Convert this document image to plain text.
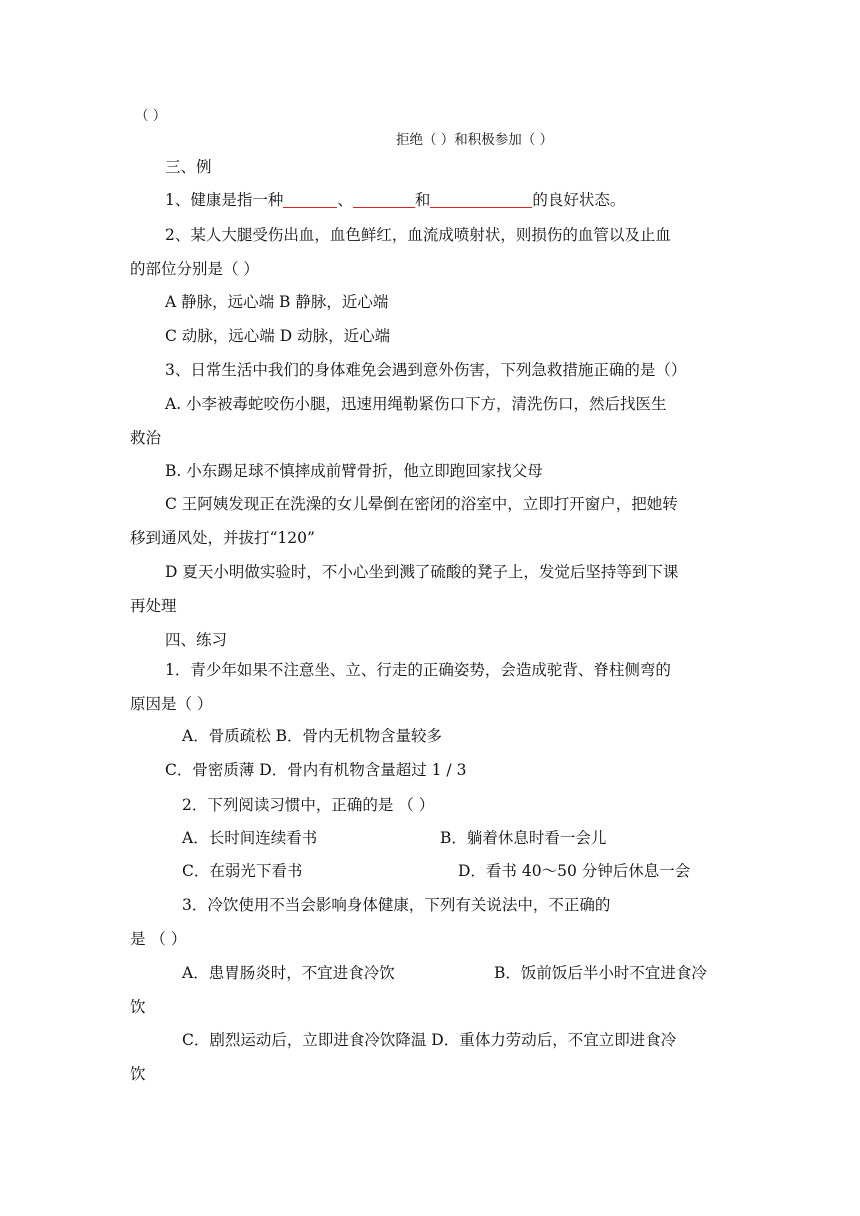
（ ）
拒绝（ ）和积极参加（ ）
三、例
1、健康是指一种	、	和	的良好状态。
2、某人大腿受伤出血，血色鲜红，血流成喷射状，则损伤的血管以及止血
的部位分别是（ ）
A 静脉，远心端 B 静脉，近心端
C 动脉，远心端 D 动脉，近心端
3、日常生活中我们的身体难免会遇到意外伤害，下列急救措施正确的是（）
A. 小李被毒蛇咬伤小腿，迅速用绳勒紧伤口下方，清洗伤口，然后找医生
救治
B. 小东踢足球不慎摔成前臂骨折，他立即跑回家找父母
C 王阿姨发现正在洗澡的女儿晕倒在密闭的浴室中，立即打开窗户，把她转
移到通风处，并拔打“120”
D 夏天小明做实验时，不小心坐到溅了硫酸的凳子上，发觉后坚持等到下课
再处理
四、练习
1．青少年如果不注意坐、立、行走的正确姿势，会造成驼背、脊柱侧弯的
原因是（ ）
A．骨质疏松 B．骨内无机物含量较多
C．骨密质薄 D．骨内有机物含量超过 1 / 3
2．下列阅读习惯中，正确的是 （ ）
A．长时间连续看书	B．躺着休息时看一会儿
C．在弱光下看书	D．看书 40～50 分钟后休息一会
3．冷饮使用不当会影响身体健康，下列有关说法中，不正确的
是 （ ）
A．患胃肠炎时，不宜进食冷饮	B．饭前饭后半小时不宜进食冷
饮
C．剧烈运动后，立即进食冷饮降温 D．重体力劳动后，不宜立即进食冷
饮
